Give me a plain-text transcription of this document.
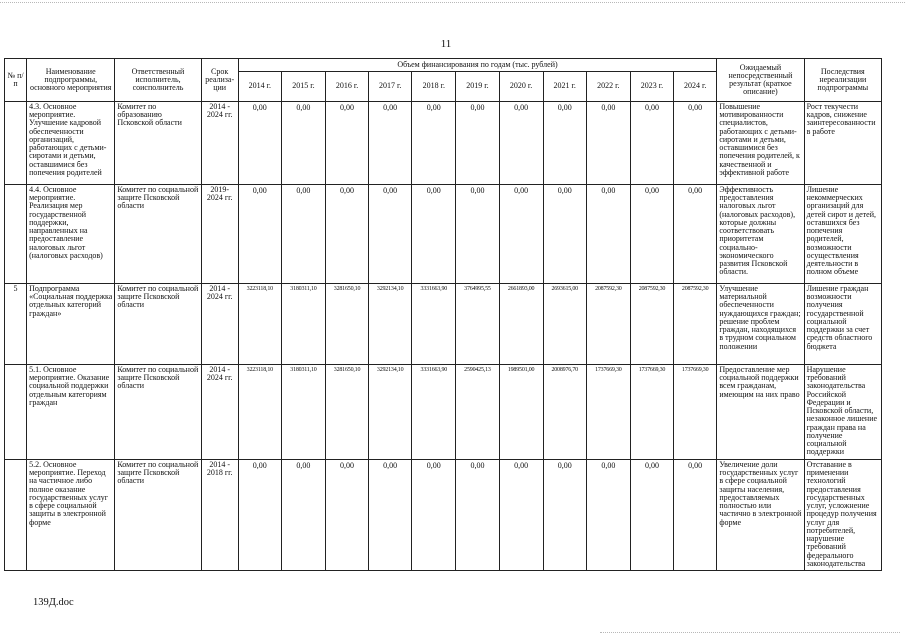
11
№ п/п	Наименование подпрограммы, основного мероприятия	Ответственный исполнитель, соисполнитель	Срок реализа-ции	Объем финансирования по годам (тыс. рублей)											Ожидаемый непосредственный результат (краткое описание)	Последствия нереализации подпрограммы
				2014 г.	2015 г.	2016 г.	2017 г.	2018 г.	2019 г.	2020 г.	2021 г.	2022 г.	2023 г.	2024 г.		

	4.3. Основное мероприятие. Улучшение кадровой обеспеченности организаций, работающих с детьми-сиротами и детьми, оставшимися без попечения родителей	Комитет по образованию Псковской области	2014 - 2024 гг.	0,00	0,00	0,00	0,00	0,00	0,00	0,00	0,00	0,00	0,00	0,00	Повышение мотивированности специалистов, работающих с детьми-сиротами и детьми, оставшимися без попечения родителей, к качественной и эффективной работе	Рост текучести кадров, снижение заинтересованности в работе

	4.4. Основное мероприятие. Реализация мер государственной поддержки, направленных на предоставление налоговых льгот (налоговых расходов)	Комитет по социальной защите Псковской области	2019- 2024 гг.	0,00	0,00	0,00	0,00	0,00	0,00	0,00	0,00	0,00	0,00	0,00	Эффективность предоставления налоговых льгот (налоговых расходов), которые должны соответствовать приоритетам социально-экономического развития Псковской области.	Лишение некоммерческих организаций для детей сирот и детей, оставшихся без попечения родителей, возможности осуществления деятельности в полном объеме
5	Подпрограмма «Социальная поддержка отдельных категорий граждан»	Комитет по социальной защите Псковской области	2014 - 2024 гг.	3223118,10	3180311,10	3281650,10	3292134,10	3331663,90	3764995,55	2661893,00	2693615,00	2087592,30	2087592,30	2087592,30	Улучшение материальной обеспеченности нуждающихся граждан; решение проблем граждан, находящихся в трудном социальном положении	Лишение граждан возможности получения государственной социальной поддержки за счет средств областного бюджета

	5.1. Основное мероприятие. Оказание социальной поддержки отдельным категориям граждан	Комитет по социальной защите Псковской области	2014 - 2024 гг.	3223118,10	3180311,10	3281650,10	3292134,10	3331663,90	2590425,13	1989501,00	2008976,70	1737669,30	1737669,30	1737669,30	Предоставление мер социальной поддержки всем гражданам, имеющим на них право	Нарушение требований законодательства Российской Федерации и Псковской области, незаконное лишение граждан права на получение социальной поддержки

	5.2. Основное мероприятие. Переход на частичное либо полное оказание государственных услуг в сфере социальной защиты в электронной форме	Комитет по социальной защите Псковской области	2014 - 2018 гг.	0,00	0,00	0,00	0,00	0,00	0,00	0,00	0,00	0,00	0,00	0,00	Увеличение доли государственных услуг в сфере социальной защиты населения, предоставляемых полностью или частично в электронной форме	Отставание в применении технологий предоставления государственных услуг, усложнение процедур получения услуг для потребителей, нарушение требований федерального законодательства
139Д.doc
